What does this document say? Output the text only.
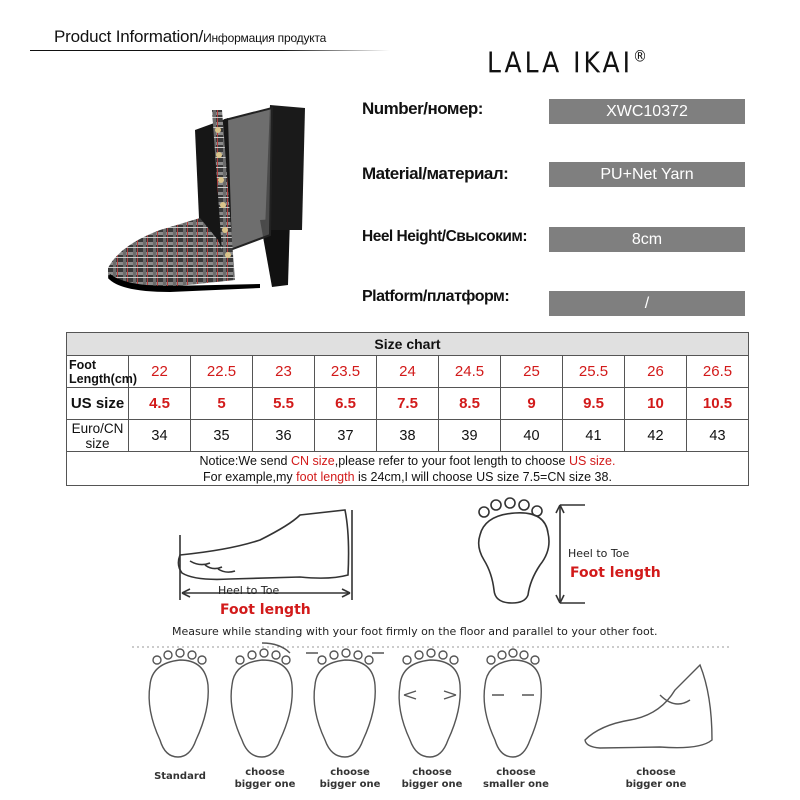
Product Information/Информация продукта
LALA IKAI®
Number/номер:	XWC10372
Material/материал:	PU+Net Yarn
Heel Height/Свысоким:	8cm
Platform/платформ:	/
Size chart										
Foot Length(cm)	22	22.5	23	23.5	24	24.5	25	25.5	26	26.5
US size	4.5	5	5.5	6.5	7.5	8.5	9	9.5	10	10.5
Euro/CN size	34	35	36	37	38	39	40	41	42	43

Notice:We send CN size,please refer to your foot length to choose US size.
For example,my foot length is 24cm,I will choose US size 7.5=CN size 38.										
Heel to Toe
Foot length
Heel to Toe
Foot length
Measure while standing with your foot firmly on the floor and parallel to your other foot.
Standard	choose
bigger one
choose
bigger one
choose
bigger one
choose
smaller one
choose
bigger one
